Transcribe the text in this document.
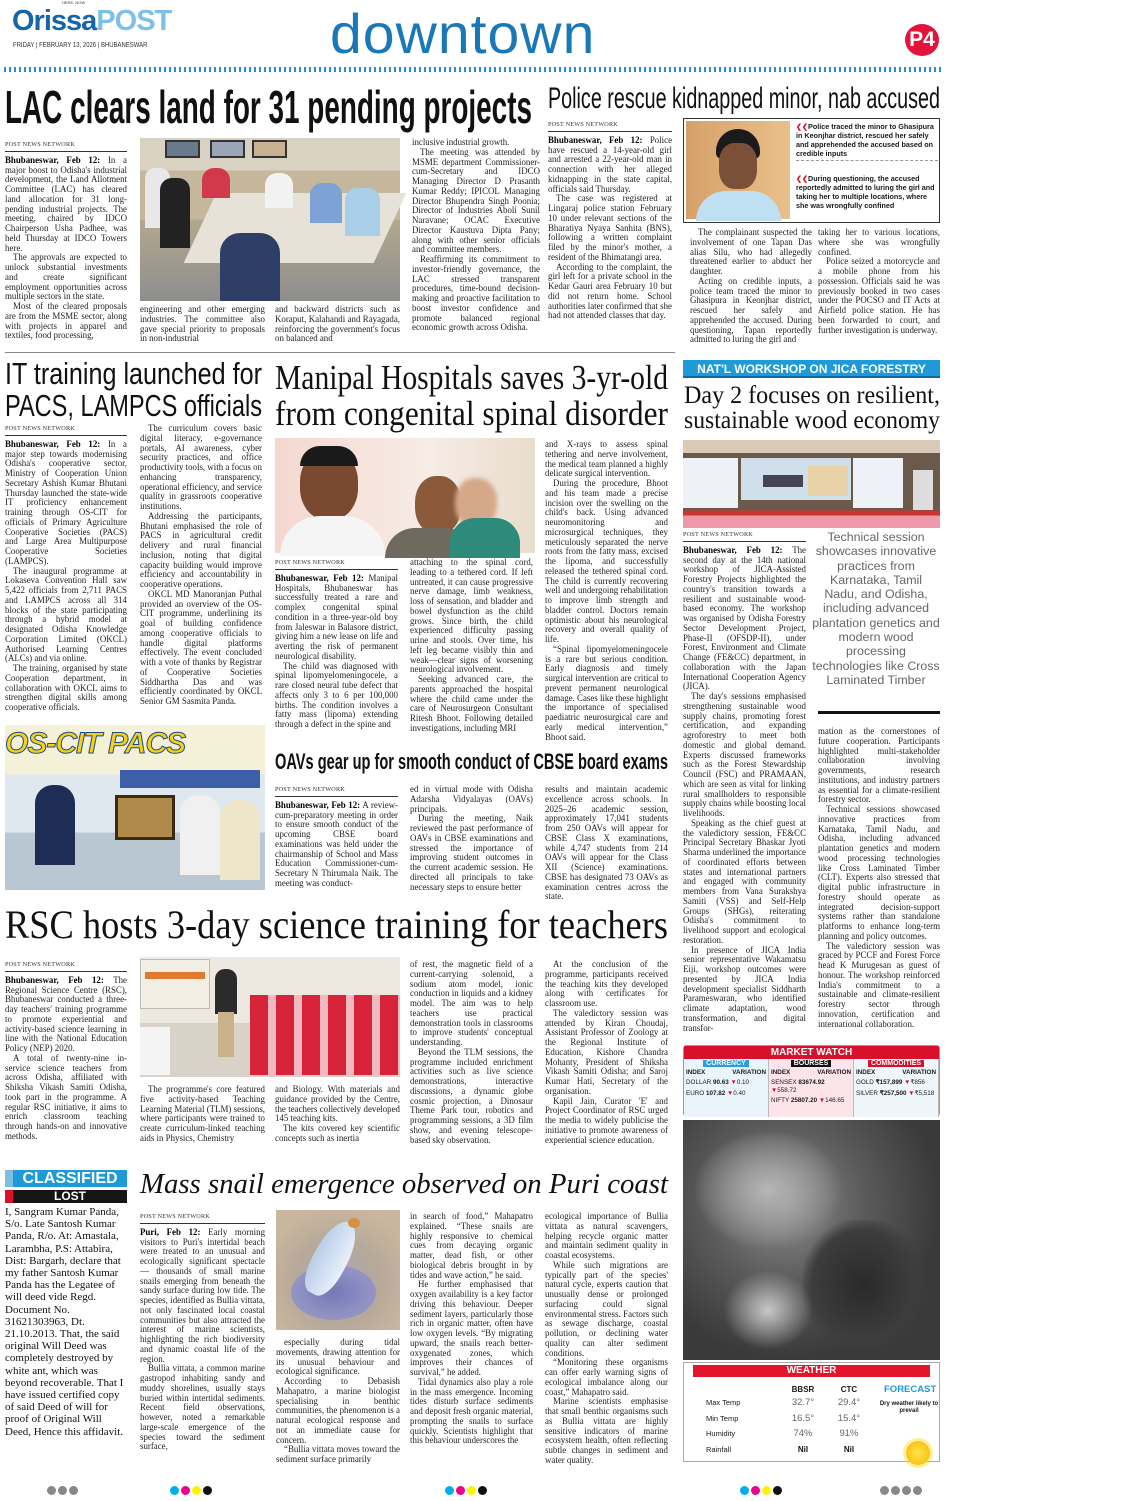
HERE. NOW
OrissaPOST
FRIDAY | FEBRUARY 13, 2026 | BHUBANESWAR	downtown	P4
LAC clears land for 31 pending projects

POST NEWS NETWORK

Bhubaneswar, Feb 12: In a major boost to Odisha's industrial development, the Land Allotment Committee (LAC) has cleared land allocation for 31 long-pending industrial projects. The meeting, chaired by IDCO Chairperson Usha Padhee, was held Thursday at IDCO Towers here.

The approvals are expected to unlock substantial investments and create significant employment opportunities across multiple sectors in the state.

Most of the cleared proposals are from the MSME sector, along with projects in apparel and textiles, food processing,

engineering and other emerging industries. The committee also gave special priority to proposals in non-industrial

and backward districts such as Koraput, Kalahandi and Rayagada, reinforcing the government's focus on balanced and

inclusive industrial growth.

The meeting was attended by MSME department Commissioner-cum-Secretary and IDCO Managing Director D Prasanth Kumar Reddy; IPICOL Managing Director Bhupendra Singh Poonia; Director of Industries Aboli Sunil Naravane; OCAC Executive Director Kaustuva Dipta Pany; along with other senior officials and committee members.

Reaffirming its commitment to investor-friendly governance, the LAC stressed transparent procedures, time-bound decision-making and proactive facilitation to boost investor confidence and promote balanced regional economic growth across Odisha.

Police rescue kidnapped minor, nab accused

POST NEWS NETWORK

Bhubaneswar, Feb 12: Police have rescued a 14-year-old girl and arrested a 22-year-old man in connection with her alleged kidnapping in the state capital, officials said Thursday.

The case was registered at Lingaraj police station February 10 under relevant sections of the Bharatiya Nyaya Sanhita (BNS), following a written complaint filed by the minor's mother, a resident of the Bhimatangi area.

According to the complaint, the girl left for a private school in the Kedar Gauri area February 10 but did not return home. School authorities later confirmed that she had not attended classes that day.

❮❮Police traced the minor to Ghasipura in Keonjhar district, rescued her safely and apprehended the accused based on credible inputs
❮❮During questioning, the accused reportedly admitted to luring the girl and taking her to multiple locations, where she was wrongfully confined

The complainant suspected the involvement of one Tapan Das alias Silu, who had allegedly threatened earlier to abduct her daughter.

Acting on credible inputs, a police team traced the minor to Ghasipura in Keonjhar district, rescued her safely and apprehended the accused. During questioning, Tapan reportedly admitted to luring the girl and

taking her to various locations, where she was wrongfully confined.

Police seized a motorcycle and a mobile phone from his possession. Officials said he was previously booked in two cases under the POCSO and IT Acts at Airfield police station. He has been forwarded to court, and further investigation is underway.

IT training launched for
PACS, LAMPCS officials

POST NEWS NETWORK

Bhubaneswar, Feb 12: In a major step towards modernising Odisha's cooperative sector, Ministry of Cooperation Union Secretary Ashish Kumar Bhutani Thursday launched the state-wide IT proficiency enhancement training through OS-CIT for officials of Primary Agriculture Cooperative Societies (PACS) and Large Area Multipurpose Cooperative Societies (LAMPCS).

The inaugural programme at Lokaseva Convention Hall saw 5,422 officials from 2,711 PACS and LAMPCS across all 314 blocks of the state participating through a hybrid model at designated Odisha Knowledge Corporation Limited (OKCL) Authorised Learning Centres (ALCs) and via online.

The training, organised by state Cooperation department, in collaboration with OKCL aims to strengthen digital skills among cooperative officials.

The curriculum covers basic digital literacy, e-governance portals, AI awareness, cyber security practices, and office productivity tools, with a focus on enhancing transparency, operational efficiency, and service quality in grassroots cooperative institutions.

Addressing the participants, Bhutani emphasised the role of PACS in agricultural credit delivery and rural financial inclusion, noting that digital capacity building would improve efficiency and accountability in cooperative operations.

OKCL MD Manoranjan Puthal provided an overview of the OS-CIT programme, underlining its goal of building confidence among cooperative officials to handle digital platforms effectively. The event concluded with a vote of thanks by Registrar of Cooperative Societies Siddhartha Das and was efficiently coordinated by OKCL Senior GM Sasmita Panda.

OS-CIT PACS
Manipal Hospitals saves 3-yr-old
from congenital spinal disorder

POST NEWS NETWORK

Bhubaneswar, Feb 12: Manipal Hospitals, Bhubaneswar has successfully treated a rare and complex congenital spinal condition in a three-year-old boy from Jaleswar in Balasore district, giving him a new lease on life and averting the risk of permanent neurological disability.

The child was diagnosed with spinal lipomyelomeningocele, a rare closed neural tube defect that affects only 3 to 6 per 100,000 births. The condition involves a fatty mass (lipoma) extending through a defect in the spine and

attaching to the spinal cord, leading to a tethered cord. If left untreated, it can cause progressive nerve damage, limb weakness, loss of sensation, and bladder and bowel dysfunction as the child grows. Since birth, the child experienced difficulty passing urine and stools. Over time, his left leg became visibly thin and weak—clear signs of worsening neurological involvement.

Seeking advanced care, the parents approached the hospital where the child came under the care of Neurosurgeon Consultant Ritesh Bhoot. Following detailed investigations, including MRI

and X-rays to assess spinal tethering and nerve involvement, the medical team planned a highly delicate surgical intervention.

During the procedure, Bhoot and his team made a precise incision over the swelling on the child's back. Using advanced neuromonitoring and microsurgical techniques, they meticulously separated the nerve roots from the fatty mass, excised the lipoma, and successfully released the tethered spinal cord. The child is currently recovering well and undergoing rehabilitation to improve limb strength and bladder control. Doctors remain optimistic about his neurological recovery and overall quality of life.

“Spinal lipomyelomeningocele is a rare but serious condition. Early diagnosis and timely surgical intervention are critical to prevent permanent neurological damage. Cases like these highlight the importance of specialised paediatric neurosurgical care and early medical intervention,” Bhoot said.

OAVs gear up for smooth conduct of CBSE board exams

POST NEWS NETWORK

Bhubaneswar, Feb 12: A review-cum-preparatory meeting in order to ensure smooth conduct of the upcoming CBSE board examinations was held under the chairmanship of School and Mass Education Commissioner-cum-Secretary N Thirumala Naik. The meeting was conduct-

ed in virtual mode with Odisha Adarsha Vidyalayas (OAVs) principals.

During the meeting, Naik reviewed the past performance of OAVs in CBSE examinations and stressed the importance of improving student outcomes in the current academic session. He directed all principals to take necessary steps to ensure better

results and maintain academic excellence across schools. In 2025–26 academic session, approximately 17,041 students from 250 OAVs will appear for CBSE Class X examinations, while 4,747 students from 214 OAVs will appear for the Class XII (Science) examinations. CBSE has designated 73 OAVs as examination centres across the state.

NAT'L WORKSHOP ON JICA FORESTRY
Day 2 focuses on resilient,
sustainable wood economy

POST NEWS NETWORK

Bhubaneswar, Feb 12: The second day at the 14th national workshop of JICA-Assisted Forestry Projects highlighted the country's transition towards a resilient and sustainable wood-based economy. The workshop was organised by Odisha Forestry Sector Development Project, Phase-II (OFSDP-II), under Forest, Environment and Climate Change (FE&CC) department, in collaboration with the Japan International Cooperation Agency (JICA).

The day's sessions emphasised strengthening sustainable wood supply chains, promoting forest certification, and expanding agroforestry to meet both domestic and global demand. Experts discussed frameworks such as the Forest Stewardship Council (FSC) and PRAMAAN, which are seen as vital for linking rural smallholders to responsible supply chains while boosting local livelihoods.

Speaking as the chief guest at the valedictory session, FE&CC Principal Secretary Bhaskar Jyoti Sharma underlined the importance of coordinated efforts between states and international partners and engaged with community members from Vana Surakshya Samiti (VSS) and Self-Help Groups (SHGs), reiterating Odisha's commitment to livelihood support and ecological restoration.

In presence of JICA India senior representative Wakamatsu Eiji, workshop outcomes were presented by JICA India development specialist Siddharth Parameswaran, who identified climate adaptation, wood transformation, and digital transfor-

Technical session showcases innovative practices from Karnataka, Tamil Nadu, and Odisha, including advanced plantation genetics and modern wood processing technologies like Cross Laminated Timber

mation as the cornerstones of future cooperation. Participants highlighted multi-stakeholder collaboration involving governments, research institutions, and industry partners as essential for a climate-resilient forestry sector.

Technical sessions showcased innovative practices from Karnataka, Tamil Nadu, and Odisha, including advanced plantation genetics and modern wood processing technologies like Cross Laminated Timber (CLT). Experts also stressed that digital public infrastructure in forestry should operate as integrated decision-support systems rather than standalone platforms to enhance long-term planning and policy outcomes.

The valedictory session was graced by PCCF and Forest Force head K Murugesan as guest of honour. The workshop reinforced India's commitment to a sustainable and climate-resilient forestry sector through innovation, certification and international collaboration.

RSC hosts 3-day science training for teachers

POST NEWS NETWORK

Bhubaneswar, Feb 12: The Regional Science Centre (RSC), Bhubaneswar conducted a three-day teachers' training programme to promote experiential and activity-based science learning in line with the National Education Policy (NEP) 2020.

A total of twenty-nine in-service science teachers from across Odisha, affiliated with Shiksha Vikash Samiti Odisha, took part in the programme. A regular RSC initiative, it aims to enrich classroom teaching through hands-on and innovative methods.

The programme's core featured five activity-based Teaching Learning Material (TLM) sessions, where participants were trained to create curriculum-linked teaching aids in Physics, Chemistry

and Biology. With materials and guidance provided by the Centre, the teachers collectively developed 145 teaching kits.

The kits covered key scientific concepts such as inertia

of rest, the magnetic field of a current-carrying solenoid, a sodium atom model, ionic conduction in liquids and a kidney model. The aim was to help teachers use practical demonstration tools in classrooms to improve students' conceptual understanding.

Beyond the TLM sessions, the programme included enrichment activities such as live science demonstrations, interactive discussions, a dynamic globe cosmic projection, a Dinosaur Theme Park tour, robotics and programming sessions, a 3D film show, and evening telescope-based sky observation.

At the conclusion of the programme, participants received the teaching kits they developed along with certificates for classroom use.

The valedictory session was attended by Kiran Choudaj, Assistant Professor of Zoology at the Regional Institute of Education, Kishore Chandra Mohanty, President of Shiksha Vikash Samiti Odisha; and Saroj Kumar Hati, Secretary of the organisation.

Kapil Jain, Curator 'E' and Project Coordinator of RSC urged the media to widely publicise the initiative to promote awareness of experiential science education.

MARKET WATCH
CURRENCY
INDEX	VARIATION
DOLLAR 90.63 ▼0.10
EURO 107.82 ▼0.40
BOURSES
INDEX	VARIATION
SENSEX 83674.92 ▼558.72
NIFTY 25807.20 ▼146.65
COMMODITIES
INDEX	VARIATION
GOLD ₹157,899 ▼₹856
SILVER ₹257,500 ▼₹5,518
WEATHER
	BBSR	CTC
Max Temp	32.7°	29.4°
Min Temp	16.5°	15.4°
Humidity	74%	91%
Rainfall	Nil	Nil
FORECAST
Dry weather likely to prevail
CLASSIFIED
LOST
I, Sangram Kumar Panda, S/o. Late Santosh Kumar Panda, R/o. At: Amastala, Larambha, P.S: Attabira, Dist: Bargarh, declare that my father Santosh Kumar Panda has the Legatee of will deed vide Regd. Document No. 31621303963, Dt. 21.10.2013. That, the said original Will Deed was completely destroyed by white ant, which was beyond recoverable. That I have issued certified copy of said Deed of will for proof of Original Will Deed, Hence this affidavit.
Mass snail emergence observed on Puri coast

POST NEWS NETWORK

Puri, Feb 12: Early morning visitors to Puri's intertidal beach were treated to an unusual and ecologically significant spectacle — thousands of small marine snails emerging from beneath the sandy surface during low tide. The species, identified as Bullia vittata, not only fascinated local coastal communities but also attracted the interest of marine scientists, highlighting the rich biodiversity and dynamic coastal life of the region.

Bullia vittata, a common marine gastropod inhabiting sandy and muddy shorelines, usually stays buried within intertidal sediments. Recent field observations, however, noted a remarkable large-scale emergence of the species toward the sediment surface,

especially during tidal movements, drawing attention for its unusual behaviour and ecological significance.

According to Debasish Mahapatro, a marine biologist specialising in benthic communities, the phenomenon is a natural ecological response and not an immediate cause for concern.

“Bullia vittata moves toward the sediment surface primarily

in search of food,” Mahapatro explained. “These snails are highly responsive to chemical cues from decaying organic matter, dead fish, or other biological debris brought in by tides and wave action,” he said.

He further emphasised that oxygen availability is a key factor driving this behaviour. Deeper sediment layers, particularly those rich in organic matter, often have low oxygen levels. “By migrating upward, the snails reach better-oxygenated zones, which improves their chances of survival,” he added.

Tidal dynamics also play a role in the mass emergence. Incoming tides disturb surface sediments and deposit fresh organic material, prompting the snails to surface quickly. Scientists highlight that this behaviour underscores the

ecological importance of Bullia vittata as natural scavengers, helping recycle organic matter and maintain sediment quality in coastal ecosystems.

While such migrations are typically part of the species' natural cycle, experts caution that unusually dense or prolonged surfacing could signal environmental stress. Factors such as sewage discharge, coastal pollution, or declining water quality can alter sediment conditions.

“Monitoring these organisms can offer early warning signs of ecological imbalance along our coast,” Mahapatro said.

Marine scientists emphasise that small benthic organisms such as Bullia vittata are highly sensitive indicators of marine ecosystem health, often reflecting subtle changes in sediment and water quality.
